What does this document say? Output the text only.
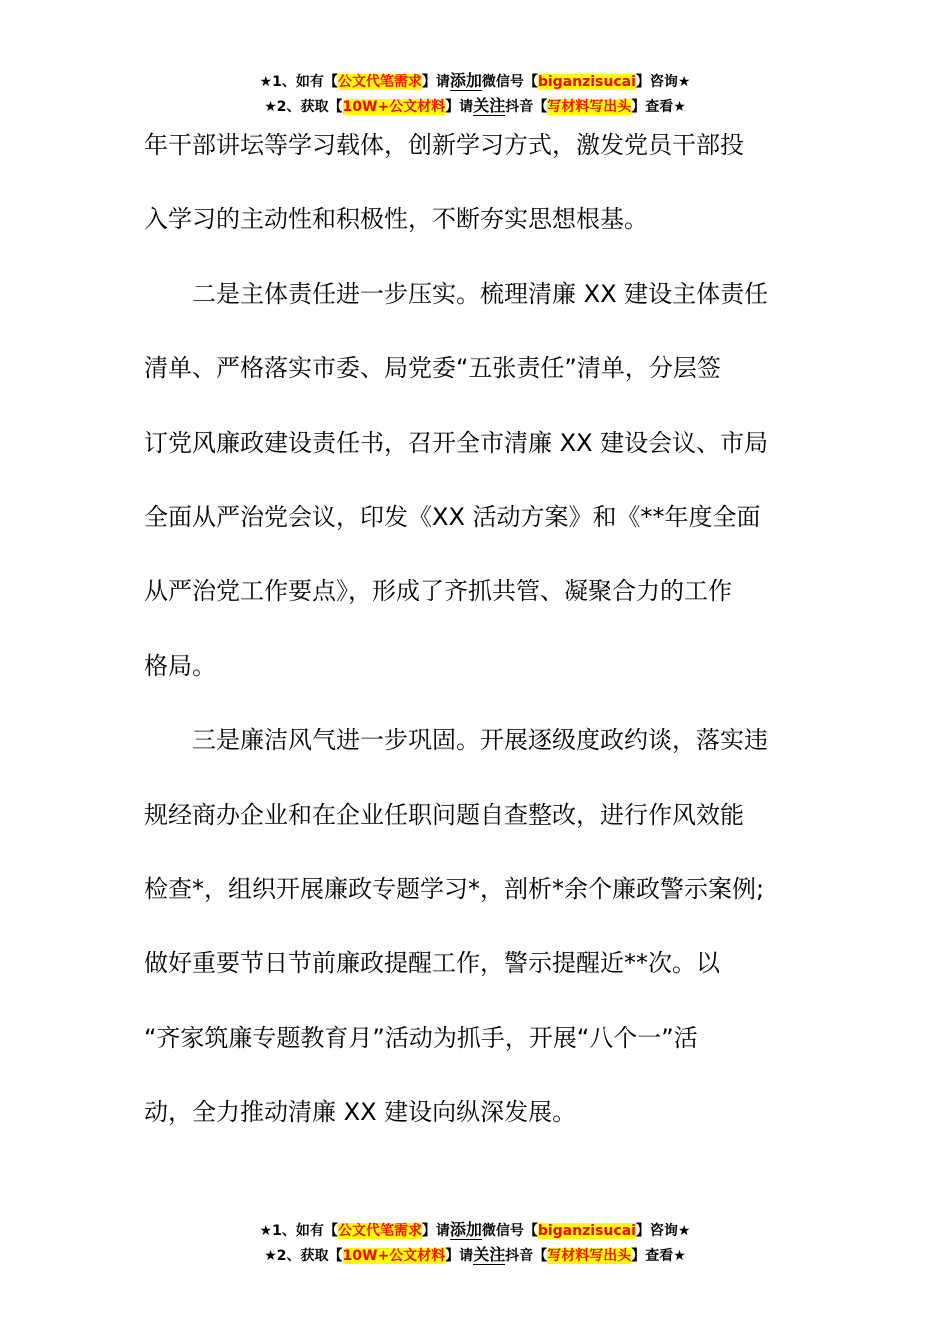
★1、如有【公文代笔需求】请添加微信号【biganzisucai】咨询★
★2、获取【10W+公文材料】请关注抖音【写材料写出头】查看★
年干部讲坛等学习载体，创新学习方式，激发党员干部投
入学习的主动性和积极性，不断夯实思想根基。
　　二是主体责任进一步压实。梳理清廉 XX 建设主体责任
清单、严格落实市委、局党委“五张责任”清单，分层签
订党风廉政建设责任书，召开全市清廉 XX 建设会议、市局
全面从严治党会议，印发《XX 活动方案》和《**年度全面
从严治党工作要点》，形成了齐抓共管、凝聚合力的工作
格局。
　　三是廉洁风气进一步巩固。开展逐级度政约谈，落实违
规经商办企业和在企业任职问题自查整改，进行作风效能
检查*，组织开展廉政专题学习*，剖析*余个廉政警示案例;
做好重要节日节前廉政提醒工作，警示提醒近**次。以
“齐家筑廉专题教育月”活动为抓手，开展“八个一”活
动，全力推动清廉 XX 建设向纵深发展。
★1、如有【公文代笔需求】请添加微信号【biganzisucai】咨询★
★2、获取【10W+公文材料】请关注抖音【写材料写出头】查看★
